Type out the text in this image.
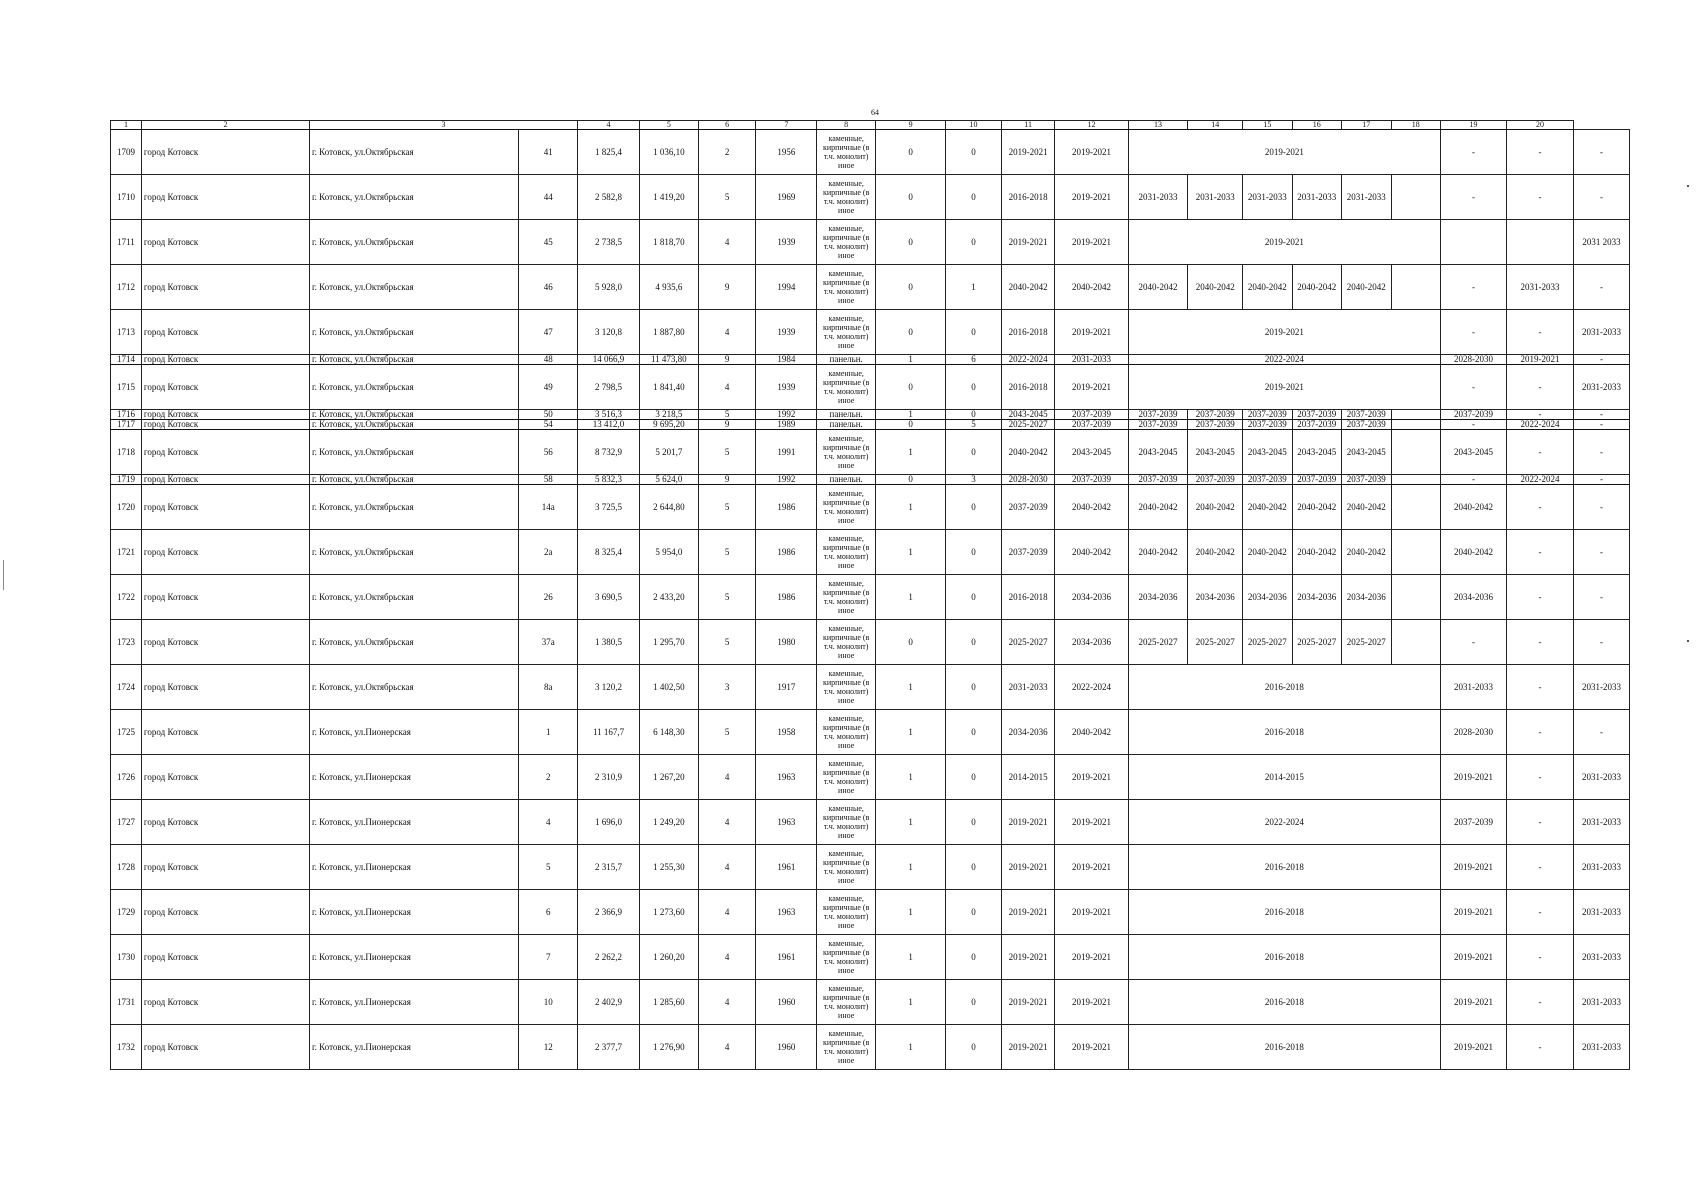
64
1	2	3		4	5	6	7	8	9	10	11	12	13	14	15	16	17	18	19	20	
1709	город Котовск	г. Котовск, ул.Октябрьская	41	1 825,4	1 036,10	2	1956	каменные,
кирпичные (в
т.ч. монолит)
иное	0	0	2019-2021	2019-2021	2019-2021						-	-	-
1710	город Котовск	г. Котовск, ул.Октябрьская	44	2 582,8	1 419,20	5	1969	каменные,
кирпичные (в
т.ч. монолит)
иное	0	0	2016-2018	2019-2021	2031-2033	2031-2033	2031-2033	2031-2033	2031-2033		-	-	-
1711	город Котовск	г. Котовск, ул.Октябрьская	45	2 738,5	1 818,70	4	1939	каменные,
кирпичные (в
т.ч. монолит)
иное	0	0	2019-2021	2019-2021	2019-2021								2031 2033
1712	город Котовск	г. Котовск, ул.Октябрьская	46	5 928,0	4 935,6	9	1994	каменные,
кирпичные (в
т.ч. монолит)
иное	0	1	2040-2042	2040-2042	2040-2042	2040-2042	2040-2042	2040-2042	2040-2042		-	2031-2033	-
1713	город Котовск	г. Котовск, ул.Октябрьская	47	3 120,8	1 887,80	4	1939	каменные,
кирпичные (в
т.ч. монолит)
иное	0	0	2016-2018	2019-2021	2019-2021						-	-	2031-2033
1714	город Котовск	г. Котовск, ул.Октябрьская	48	14 066,9	11 473,80	9	1984	панельн.	1	6	2022-2024	2031-2033	2022-2024						2028-2030	2019-2021	-
1715	город Котовск	г. Котовск, ул.Октябрьская	49	2 798,5	1 841,40	4	1939	каменные,
кирпичные (в
т.ч. монолит)
иное	0	0	2016-2018	2019-2021	2019-2021						-	-	2031-2033
1716	город Котовск	г. Котовск, ул.Октябрьская	50	3 516,3	3 218,5	5	1992	панельн.	1	0	2043-2045	2037-2039	2037-2039	2037-2039	2037-2039	2037-2039	2037-2039		2037-2039	-	-
1717	город Котовск	г. Котовск, ул.Октябрьская	54	13 412,0	9 695,20	9	1989	панельн.	0	5	2025-2027	2037-2039	2037-2039	2037-2039	2037-2039	2037-2039	2037-2039		-	2022-2024	-
1718	город Котовск	г. Котовск, ул.Октябрьская	56	8 732,9	5 201,7	5	1991	каменные,
кирпичные (в
т.ч. монолит)
иное	1	0	2040-2042	2043-2045	2043-2045	2043-2045	2043-2045	2043-2045	2043-2045		2043-2045	-	-
1719	город Котовск	г. Котовск, ул.Октябрьская	58	5 832,3	5 624,0	9	1992	панельн.	0	3	2028-2030	2037-2039	2037-2039	2037-2039	2037-2039	2037-2039	2037-2039		-	2022-2024	-
1720	город Котовск	г. Котовск, ул.Октябрьская	14а	3 725,5	2 644,80	5	1986	каменные,
кирпичные (в
т.ч. монолит)
иное	1	0	2037-2039	2040-2042	2040-2042	2040-2042	2040-2042	2040-2042	2040-2042		2040-2042	-	-
1721	город Котовск	г. Котовск, ул.Октябрьская	2а	8 325,4	5 954,0	5	1986	каменные,
кирпичные (в
т.ч. монолит)
иное	1	0	2037-2039	2040-2042	2040-2042	2040-2042	2040-2042	2040-2042	2040-2042		2040-2042	-	-
1722	город Котовск	г. Котовск, ул.Октябрьская	26	3 690,5	2 433,20	5	1986	каменные,
кирпичные (в
т.ч. монолит)
иное	1	0	2016-2018	2034-2036	2034-2036	2034-2036	2034-2036	2034-2036	2034-2036		2034-2036	-	-
1723	город Котовск	г. Котовск, ул.Октябрьская	37а	1 380,5	1 295,70	5	1980	каменные,
кирпичные (в
т.ч. монолит)
иное	0	0	2025-2027	2034-2036	2025-2027	2025-2027	2025-2027	2025-2027	2025-2027		-	-	-
1724	город Котовск	г. Котовск, ул.Октябрьская	8а	3 120,2	1 402,50	3	1917	каменные,
кирпичные (в
т.ч. монолит)
иное	1	0	2031-2033	2022-2024	2016-2018						2031-2033	-	2031-2033
1725	город Котовск	г. Котовск, ул.Пионерская	1	11 167,7	6 148,30	5	1958	каменные,
кирпичные (в
т.ч. монолит)
иное	1	0	2034-2036	2040-2042	2016-2018						2028-2030	-	-
1726	город Котовск	г. Котовск, ул.Пионерская	2	2 310,9	1 267,20	4	1963	каменные,
кирпичные (в
т.ч. монолит)
иное	1	0	2014-2015	2019-2021	2014-2015						2019-2021	-	2031-2033
1727	город Котовск	г. Котовск, ул.Пионерская	4	1 696,0	1 249,20	4	1963	каменные,
кирпичные (в
т.ч. монолит)
иное	1	0	2019-2021	2019-2021	2022-2024						2037-2039	-	2031-2033
1728	город Котовск	г. Котовск, ул.Пионерская	5	2 315,7	1 255,30	4	1961	каменные,
кирпичные (в
т.ч. монолит)
иное	1	0	2019-2021	2019-2021	2016-2018						2019-2021	-	2031-2033
1729	город Котовск	г. Котовск, ул.Пионерская	6	2 366,9	1 273,60	4	1963	каменные,
кирпичные (в
т.ч. монолит)
иное	1	0	2019-2021	2019-2021	2016-2018						2019-2021	-	2031-2033
1730	город Котовск	г. Котовск, ул.Пионерская	7	2 262,2	1 260,20	4	1961	каменные,
кирпичные (в
т.ч. монолит)
иное	1	0	2019-2021	2019-2021	2016-2018						2019-2021	-	2031-2033
1731	город Котовск	г. Котовск, ул.Пионерская	10	2 402,9	1 285,60	4	1960	каменные,
кирпичные (в
т.ч. монолит)
иное	1	0	2019-2021	2019-2021	2016-2018						2019-2021	-	2031-2033
1732	город Котовск	г. Котовск, ул.Пионерская	12	2 377,7	1 276,90	4	1960	каменные,
кирпичные (в
т.ч. монолит)
иное	1	0	2019-2021	2019-2021	2016-2018						2019-2021	-	2031-2033
